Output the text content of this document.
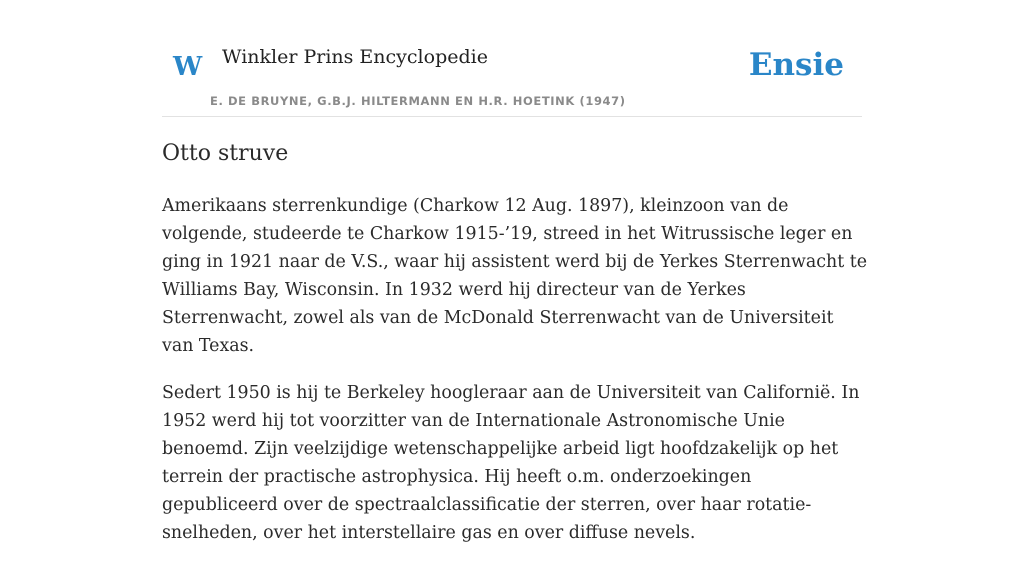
W Winkler Prins Encyclopedie
E. DE BRUYNE, G.B.J. HILTERMANN EN H.R. HOETINK (1947)
Ensie
Otto struve

Amerikaans sterrenkundige (Charkow 12 Aug. 1897), kleinzoon van de volgende, studeerde te Charkow 1915-’19, streed in het Witrussische leger en ging in 1921 naar de V.S., waar hij assistent werd bij de Yerkes Sterrenwacht te Williams Bay, Wisconsin. In 1932 werd hij directeur van de Yerkes Sterrenwacht, zowel als van de McDonald Sterrenwacht van de Universiteit van Texas.

Sedert 1950 is hij te Berkeley hoogleraar aan de Universiteit van Californië. In 1952 werd hij tot voorzitter van de Internationale Astronomische Unie benoemd. Zijn veelzijdige wetenschappelijke arbeid ligt hoofdzakelijk op het terrein der practische astrophysica. Hij heeft o.m. onderzoekingen gepubliceerd over de spectraalclassificatie der sterren, over haar rotatie-snelheden, over het interstellaire gas en over diffuse nevels.
